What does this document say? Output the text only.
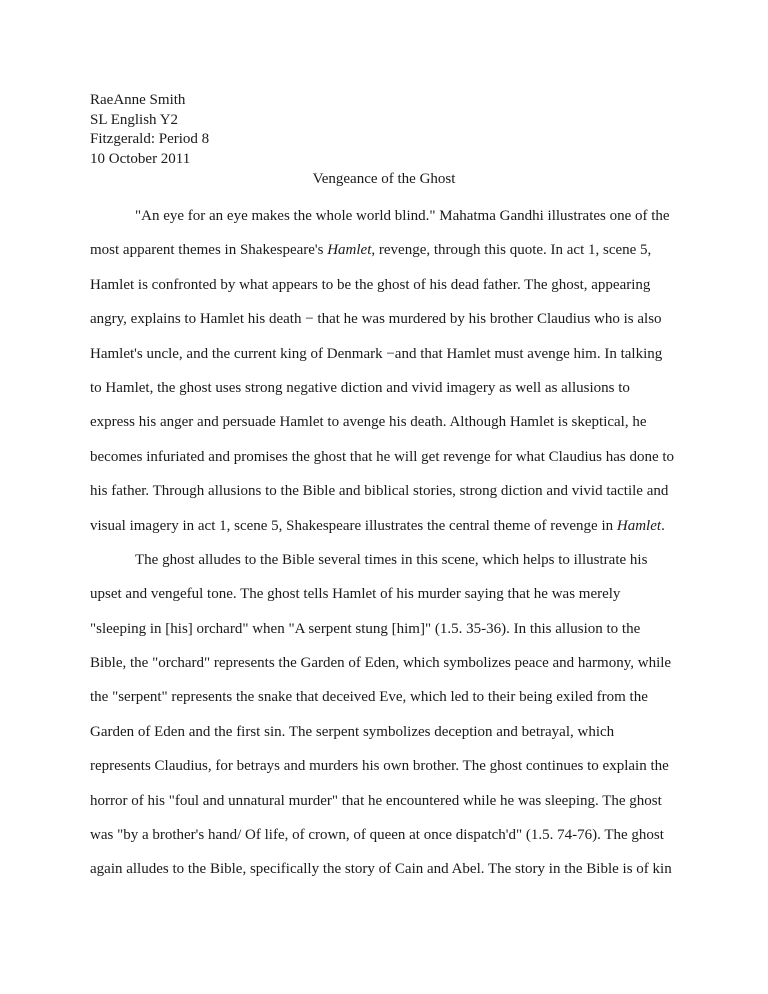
RaeAnne Smith
SL English Y2
Fitzgerald: Period 8
10 October 2011
Vengeance of the Ghost
"An eye for an eye makes the whole world blind." Mahatma Gandhi illustrates one of the
most apparent themes in Shakespeare's Hamlet, revenge, through this quote. In act 1, scene 5,
Hamlet is confronted by what appears to be the ghost of his dead father. The ghost, appearing
angry, explains to Hamlet his death − that he was murdered by his brother Claudius who is also
Hamlet's uncle, and the current king of Denmark −and that Hamlet must avenge him. In talking
to Hamlet, the ghost uses strong negative diction and vivid imagery as well as allusions to
express his anger and persuade Hamlet to avenge his death. Although Hamlet is skeptical, he
becomes infuriated and promises the ghost that he will get revenge for what Claudius has done to
his father. Through allusions to the Bible and biblical stories, strong diction and vivid tactile and
visual imagery in act 1, scene 5, Shakespeare illustrates the central theme of revenge in Hamlet.
The ghost alludes to the Bible several times in this scene, which helps to illustrate his
upset and vengeful tone. The ghost tells Hamlet of his murder saying that he was merely
"sleeping in [his] orchard" when "A serpent stung [him]" (1.5. 35-36). In this allusion to the
Bible, the "orchard" represents the Garden of Eden, which symbolizes peace and harmony, while
the "serpent" represents the snake that deceived Eve, which led to their being exiled from the
Garden of Eden and the first sin. The serpent symbolizes deception and betrayal, which
represents Claudius, for betrays and murders his own brother. The ghost continues to explain the
horror of his "foul and unnatural murder" that he encountered while he was sleeping. The ghost
was "by a brother's hand/ Of life, of crown, of queen at once dispatch'd" (1.5. 74-76). The ghost
again alludes to the Bible, specifically the story of Cain and Abel. The story in the Bible is of kin
